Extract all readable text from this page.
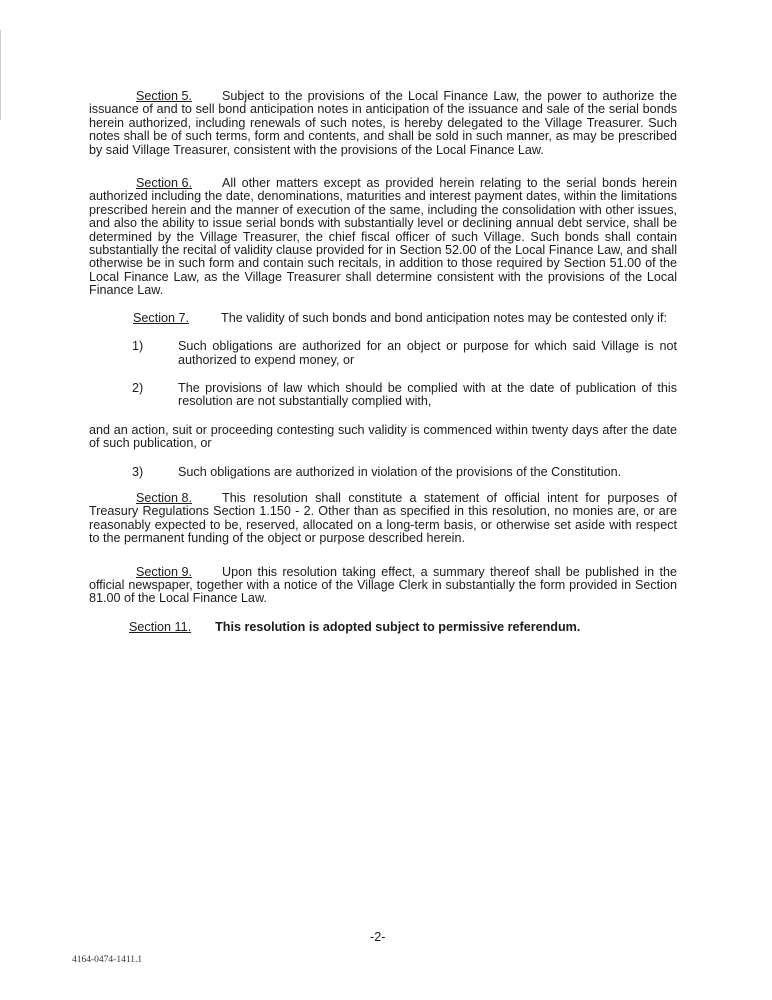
Section 5. Subject to the provisions of the Local Finance Law, the power to authorize the issuance of and to sell bond anticipation notes in anticipation of the issuance and sale of the serial bonds herein authorized, including renewals of such notes, is hereby delegated to the Village Treasurer. Such notes shall be of such terms, form and contents, and shall be sold in such manner, as may be prescribed by said Village Treasurer, consistent with the provisions of the Local Finance Law.

Section 6. All other matters except as provided herein relating to the serial bonds herein authorized including the date, denominations, maturities and interest payment dates, within the limitations prescribed herein and the manner of execution of the same, including the consolidation with other issues, and also the ability to issue serial bonds with substantially level or declining annual debt service, shall be determined by the Village Treasurer, the chief fiscal officer of such Village. Such bonds shall contain substantially the recital of validity clause provided for in Section 52.00 of the Local Finance Law, and shall otherwise be in such form and contain such recitals, in addition to those required by Section 51.00 of the Local Finance Law, as the Village Treasurer shall determine consistent with the provisions of the Local Finance Law.

Section 7.	The validity of such bonds and bond anticipation notes may be contested only if:
1)	Such obligations are authorized for an object or purpose for which said Village is not authorized to expend money, or
2)	The provisions of law which should be complied with at the date of publication of this resolution are not substantially complied with,

and an action, suit or proceeding contesting such validity is commenced within twenty days after the date of such publication, or

3)	Such obligations are authorized in violation of the provisions of the Constitution.

Section 8. This resolution shall constitute a statement of official intent for purposes of Treasury Regulations Section 1.150 - 2. Other than as specified in this resolution, no monies are, or are reasonably expected to be, reserved, allocated on a long-term basis, or otherwise set aside with respect to the permanent funding of the object or purpose described herein.

Section 9. Upon this resolution taking effect, a summary thereof shall be published in the official newspaper, together with a notice of the Village Clerk in substantially the form provided in Section 81.00 of the Local Finance Law.

Section 11. This resolution is adopted subject to permissive referendum.
-2-
4164-0474-1411.1
